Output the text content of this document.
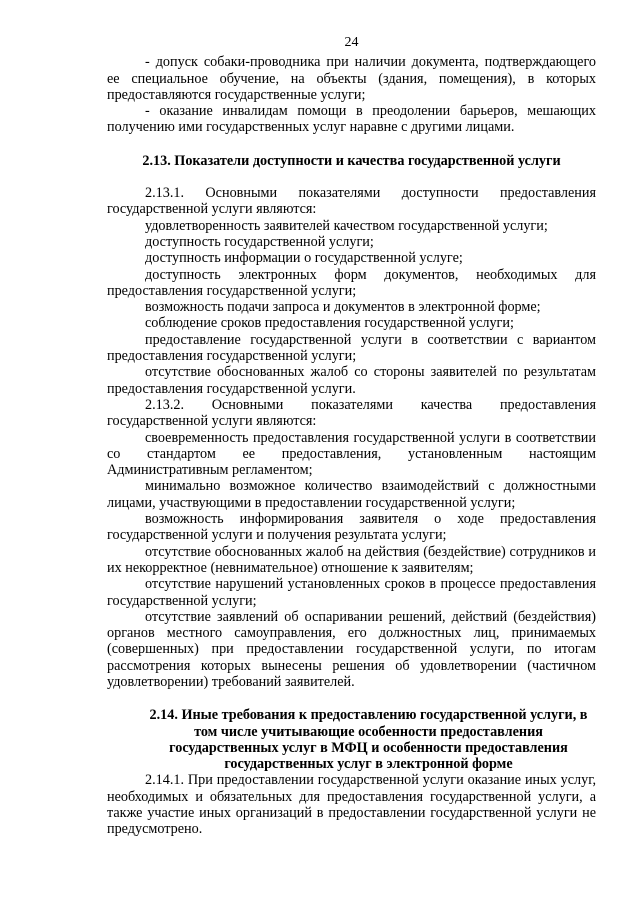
24

- допуск собаки-проводника при наличии документа, подтверждающего ее специальное обучение, на объекты (здания, помещения), в которых предоставляются государственные услуги;

- оказание инвалидам помощи в преодолении барьеров, мешающих получению ими государственных услуг наравне с другими лицами.

2.13. Показатели доступности и качества государственной услуги

2.13.1. Основными показателями доступности предоставления государственной услуги являются:

удовлетворенность заявителей качеством государственной услуги;

доступность государственной услуги;

доступность информации о государственной услуге;

доступность электронных форм документов, необходимых для предоставления государственной услуги;

возможность подачи запроса и документов в электронной форме;

соблюдение сроков предоставления государственной услуги;

предоставление государственной услуги в соответствии с вариантом предоставления государственной услуги;

отсутствие обоснованных жалоб со стороны заявителей по результатам предоставления государственной услуги.

2.13.2. Основными показателями качества предоставления государственной услуги являются:

своевременность предоставления государственной услуги в соответствии со стандартом ее предоставления, установленным настоящим Административным регламентом;

минимально возможное количество взаимодействий с должностными лицами, участвующими в предоставлении государственной услуги;

возможность информирования заявителя о ходе предоставления государственной услуги и получения результата услуги;

отсутствие обоснованных жалоб на действия (бездействие) сотрудников и их некорректное (невнимательное) отношение к заявителям;

отсутствие нарушений установленных сроков в процессе предоставления государственной услуги;

отсутствие заявлений об оспаривании решений, действий (бездействия) органов местного самоуправления, его должностных лиц, принимаемых (совершенных) при предоставлении государственной услуги, по итогам рассмотрения которых вынесены решения об удовлетворении (частичном удовлетворении) требований заявителей.

2.14. Иные требования к предоставлению государственной услуги, в том числе учитывающие особенности предоставления государственных услуг в МФЦ и особенности предоставления государственных услуг в электронной форме

2.14.1. При предоставлении государственной услуги оказание иных услуг, необходимых и обязательных для предоставления государственной услуги, а также участие иных организаций в предоставлении государственной услуги не предусмотрено.
